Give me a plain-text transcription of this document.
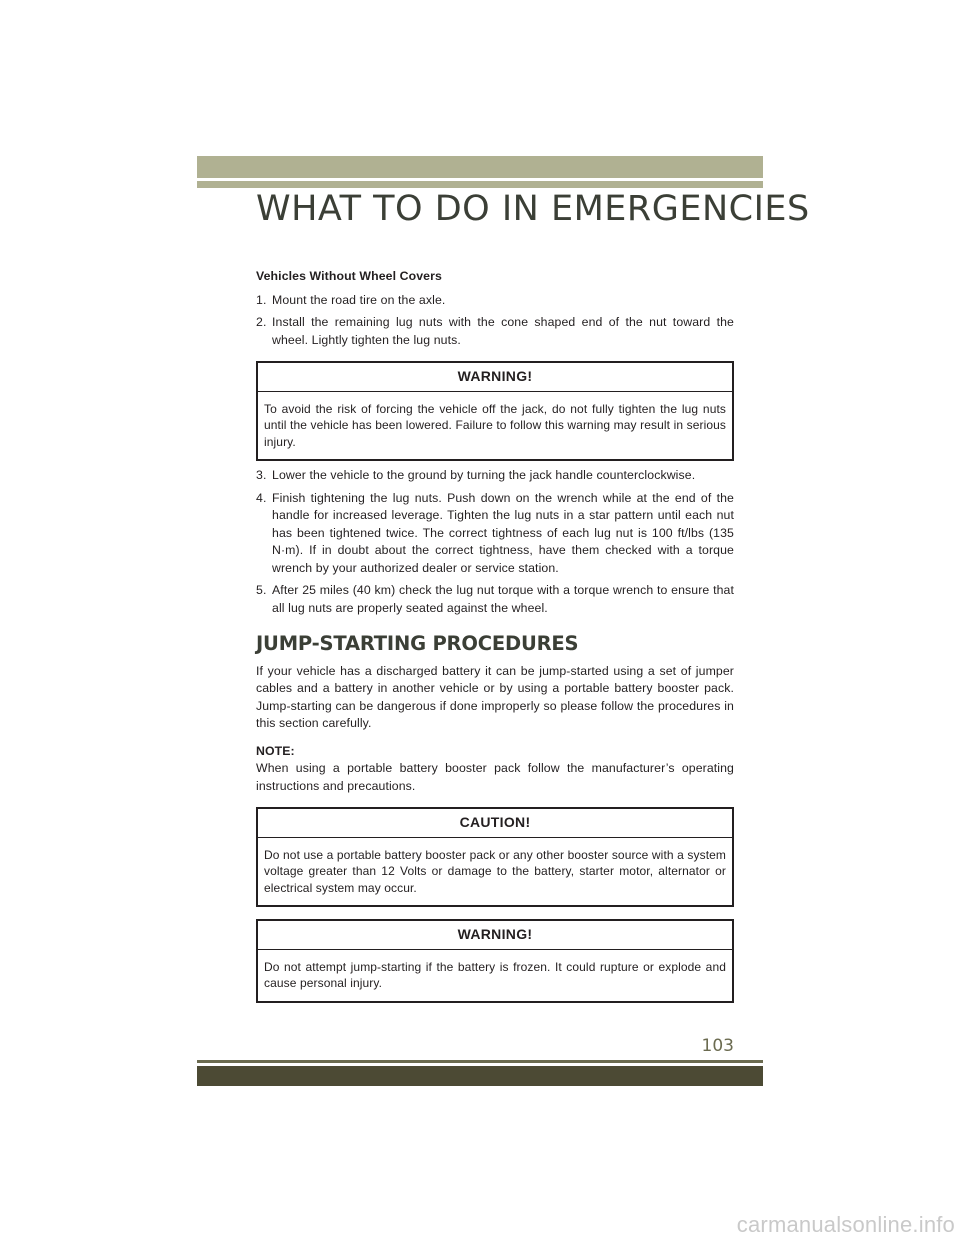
WHAT TO DO IN EMERGENCIES
Vehicles Without Wheel Covers
1. Mount the road tire on the axle.
2. Install the remaining lug nuts with the cone shaped end of the nut toward the wheel. Lightly tighten the lug nuts.
WARNING!
To avoid the risk of forcing the vehicle off the jack, do not fully tighten the lug nuts until the vehicle has been lowered. Failure to follow this warning may result in serious injury.
3. Lower the vehicle to the ground by turning the jack handle counterclockwise.
4. Finish tightening the lug nuts. Push down on the wrench while at the end of the handle for increased leverage. Tighten the lug nuts in a star pattern until each nut has been tightened twice. The correct tightness of each lug nut is 100 ft/lbs (135 N·m). If in doubt about the correct tightness, have them checked with a torque wrench by your authorized dealer or service station.
5. After 25 miles (40 km) check the lug nut torque with a torque wrench to ensure that all lug nuts are properly seated against the wheel.
JUMP-STARTING PROCEDURES

If your vehicle has a discharged battery it can be jump-started using a set of jumper cables and a battery in another vehicle or by using a portable battery booster pack. Jump-starting can be dangerous if done improperly so please follow the procedures in this section carefully.

NOTE:

When using a portable battery booster pack follow the manufacturer’s operating instructions and precautions.

CAUTION!
Do not use a portable battery booster pack or any other booster source with a system voltage greater than 12 Volts or damage to the battery, starter motor, alternator or electrical system may occur.
WARNING!
Do not attempt jump-starting if the battery is frozen. It could rupture or explode and cause personal injury.
103
carmanualsonline.info
